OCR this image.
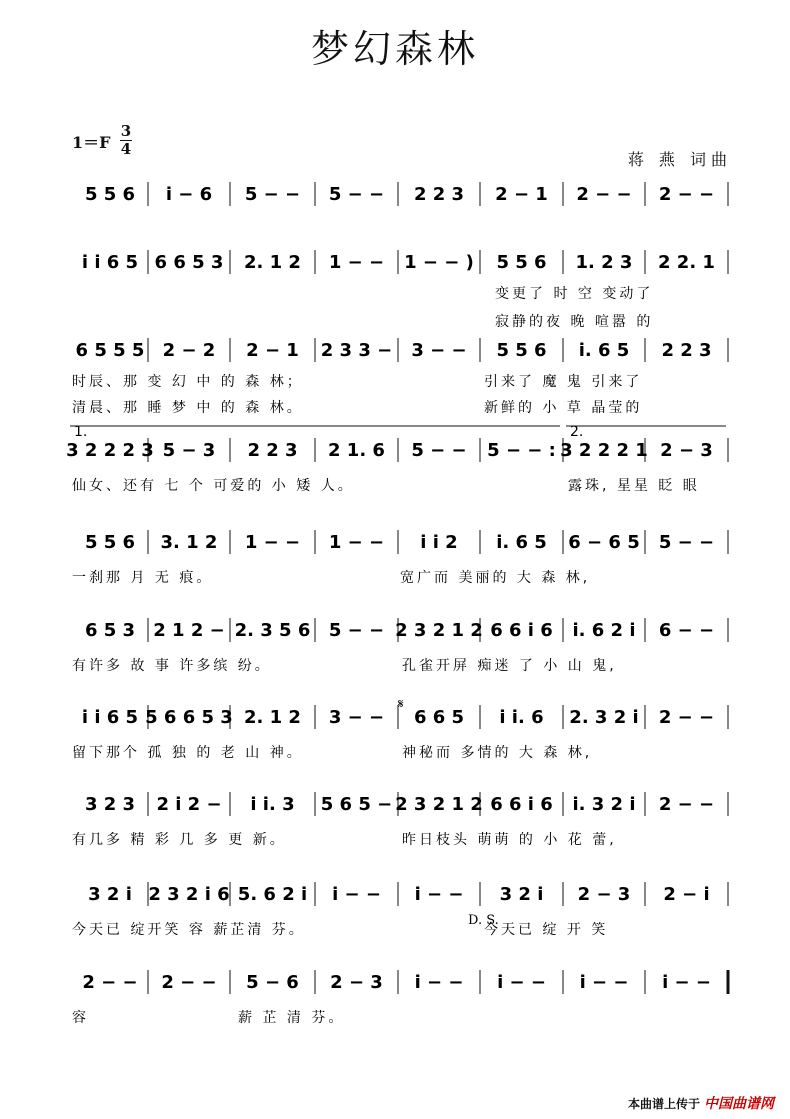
梦幻森林
1＝F
3
4
蒋 燕 词曲
5 5 6 i − 6 5 − − 5 − − 2 2 3 2 − 1 2 − − 2 − −
i i 6 5 6 6 5 3 2. 1 2 1 − − 1 − − ) 5 5 6 1. 2 3 2 2. 1
变更了 时 空 变动了
寂静的夜 晚 喧嚣 的
6 5 5 5 2 − 2 2 − 1 2 3 3 − 3 − − 5 5 6 i. 6 5 2 2 3
时辰、那 变 幻 中 的 森 林；	引来了 魔 鬼 引来了
清晨、那 睡 梦 中 的 森 林。	新鲜的 小 草 晶莹的
3 2 2 2 3 5 − 3 2 2 3 2 1. 6 5 − − 5 − − : 3 2 2 2 1 2 − 3
仙女、还有 七 个 可爱的 小 矮 人。	露珠, 星星 眨 眼
5 5 6 3. 1 2 1 − − 1 − − i i 2 i. 6 5 6 − 6 5 5 − −
一刹那 月 无 痕。	宽广而 美丽的 大 森 林,
6 5 3 2 1 2 − 2. 3 5 6 5 − − 2 3 2 1 2 6 6 i 6 i. 6 2 i 6 − −
有许多 故 事 许多缤 纷。	孔雀开屏 痴迷 了 小 山 鬼,
i i 6 5 5 6 6 5 3 2. 1 2 3 − − 6 6 5 i i. 6 2. 3 2 i 2 − −
留下那个 孤 独 的 老 山 神。	神秘而 多情的 大 森 林,
3 2 3 2 i 2 − i i. 3 5 6 5 − 2 3 2 1 2 6 6 i 6 i. 3 2 i 2 − −
有几多 精 彩 几 多 更 新。	昨日枝头 萌萌 的 小 花 蕾,
3 2 i 2 3 2 i 6 5. 6 2 i i − − i − − 3 2 i 2 − 3 2 − i
今天已 绽开笑 容 薪芷清 芬。	今天已 绽 开 笑
2 − − 2 − − 5 − 6 2 − 3 i − − i − − i − − i − −
容	薪 芷 清 芬。
1.	2.
𝄋
D. S.
本曲谱上传于 中国曲谱网
